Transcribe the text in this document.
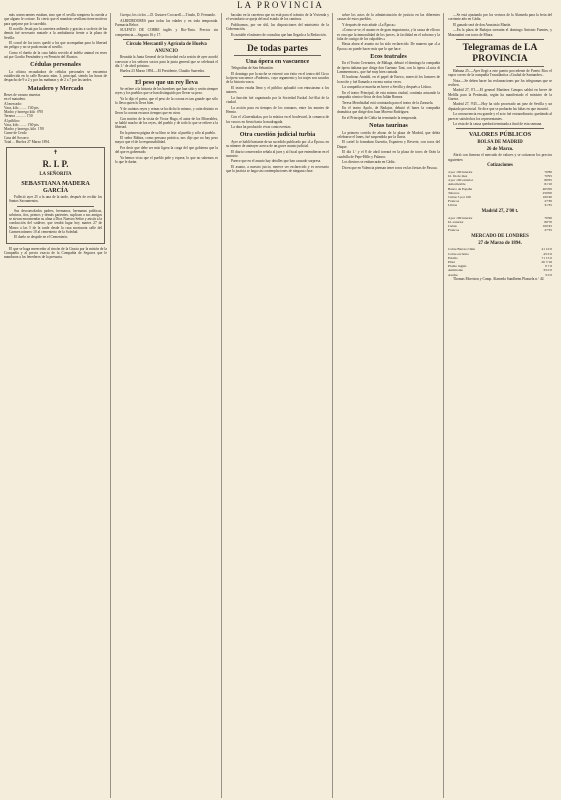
LA PROVINCIA

más consecuentes estaban, sino que el sevilla rompiera la cuerda a que alguno le cortase. Es cierto que el mandato sevillano tiene motivos para quejarse por lo sucedido.

El novillo Jesuit por la carretera ardiendo y gracias a su decir de las demás fué necesario matarle a la ambulancia frente a la plaza de Sevilla.

El corral de los toros quedó a los que acompañan para la libertad sin peligro y no se pudo matar al novillo.

Como el dueño de la casa había servido al infeliz animal en reses así por Gordio Fernández y en Pensión del Abastos.

Cédulas personales

La oficina recaudadora de cédulas personales se encuentra establecida en la calle Rosario núm. 3, principal, siendo las horas de despacho de 9 a 2 y por las mañanas y de 2 a 7 por las tardes.

Matadero y Mercado

Reses de vacuno muertas
en el matadero.
Al mercado:
Vaca, kilo ........ 1'40 pts.
Macho y borrego kilo  0'95
Ternera ........... 1'50
Al público:
Vaca, kilo ........ 1'60 pts.
Macho y borrego, kilo  1'00
Carne de Cerdo
Casa del Socorro
Total ... Huelva 27 Marzo 1894.

✝
R. I. P.
LA SEÑORITA
SEBASTIANA MADERA GARCÍA

Falleció ayer 25 a la una de la tarde, después de recibir los Santos Sacramentos.

Sus desconsolados padres, hermanos, hermanas políticas, sobrinos, tíos, primos y demás parientes, suplican a sus amigos se sirvan encomendar su alma a Dios Nuestro Señor y asistir a la conducción del cadáver, que tendrá lugar hoy martes 27 de Marzo a las 5 de la tarde desde la casa mortuoria calle del Carmen número 10 al cementerio de la Soledad.

El duelo se despide en el Cementerio.

El que se haga merecedor al rincón de la Gracia por la misión de la Compañía y al precio exacto de la Compañía de Seguros que le mandaron a los herederos de la presunta.

Cuerpo, los ciclos —D. Gustave Coccarell.—Tirado, D. Fernando.

ALREDEDORES para todas las edades y en toda temporada. Farmacia Rebor.

SULFATO DE COBRE inglés y Rio-Tinto. Precios sin competencia.—Sagasta 16 y 17.

Círculo Mercantil y Agrícola de Huelva
ANUNCIO

Reunida la Junta General de la Sociedad en la sesión de ayer acordó convocar a los señores socios para la junta general que se celebrará el día 1.º de abril próximo.

Huelva 23 Marzo 1894.—El Presidente, Claudio Saavedra.

El peso que un rey lleva

Se refiere a la historia de los hombres que han sido y serán siempre reyes y los pueblos que se han distinguido por llevar su peso.

Ya lo dijo el poeta, que el peso de la corona es tan grande que sólo lo lleva quien lo lleva bien.

Y de cuántos reyes y reinas se ha dicho lo mismo, y cuán distinto es llevar la corona en unos tiempos que en otros.

Con motivo de la visita de Victor Hugo, el autor de los Miserables, se habló mucho de los reyes, del pueblo y de todo lo que se refiere a la libertad.

En la primera página de su libro se leía: al pueblo y sólo al pueblo.

El señor Rúbira, como persona práctica, nos dijo que no hay peso mayor que el de la responsabilidad.

Por decir que debe ser más ligera la carga del que gobierna que la del que es gobernado.

Ya hemos visto que el pueblo pide y espera; lo que no sabemos es lo que le darán.

bacalao en la carretera que no está para el tránsito de la Vivienda y el vecindario se queja del mal estado de los caminos.

Publicamos, por ser útil, las disposiciones del ministerio de la Gobernación.

Es notable el número de consultas que han llegado a la Redacción.

De todas partes
Una ópera en vascuence

Telegrafían de San Sebastián:

El domingo por la noche se estrenó con éxito en el teatro del Circo la ópera vascuence «Pudente», cuyo argumento y los trajes son sacados de la historia vasca.

El teatro estaba lleno y el público aplaudió con entusiasmo a los autores.

La función fué organizada por la Sociedad Euskal Jai-Alai de la ciudad.

La acción pasa en tiempos de los romanos, entre los montes de Hernio.

Con el «Guernikako» por la música en el boulevard, la comarca de los vascos en fiesta hasta la madrugada.

La obra ha producido vivas controversias.

Otra cuestión judicial turbia

Ayer se habló bastante de un sucedido publicado por «La Época» en su número de anteayer acerca de un grave asunto judicial.

El diario conservador señala al juez y al fiscal que entendieron en el sumario.

Parece que en el asunto hay detalles que han causado sorpresa.

El asunto, a nuestro juicio, merece ser esclarecido y es necesario que la justicia se haga sin contemplaciones de ninguna clase.

sobre los actos de la administración de justicia en las diferentes causas de estos pueblos.

Y después de esto añade «La Época»:

«Como se ve, el asunto es de gran importancia, y la causa de ello no es otra que la inmoralidad de los jueces, la facilidad en el soborno y la falta de castigo de los culpables.»

Hasta ahora el asunto no ha sido esclarecido. De manera que «La Época» no puede hacer más que lo que hace.

Ecos teatrales

En el Teatro Cervantes, de Málaga, debutó el domingo la compañía de ópera italiana que dirige don Gaetano Tani, con la ópera «Lucia di Lammermoor», que fué muy bien cantada.

El barítono Arnaldi, en el papel de Enrico, mereció los honores de la noche y fué llamado a escena varias veces.

La compañía se marcha en breve a Sevilla y después a Lisboa.

En el teatro Principal, de esta misma ciudad, continúa actuando la compañía cómico-lírica de don Julián Romea.

Teresa Mendizábal está contratada para el teatro de la Zarzuela.

En el teatro Apolo, de Badajoz, debutó el lunes la compañía dramática que dirige don Juan Moreno Rodríguez.

En el Principal de Cádiz ha terminado la temporada.

Notas taurinas

La primera corrida de abono de la plaza de Madrid, que debía celebrarse el lunes, fué suspendida por la lluvia.

El cartel lo formaban Guerrita, Espartero y Reverte, con toros del Duque.

El día 1.º y el 8 de abril toreará en la plaza de toros de Orán la cuadrilla de Pepe-Hillo y Palanco.

Los diestros se embarcarán en Cádiz.

Dicen que en Valencia piensan tener toros en las fiestas de Pascua.

—Se está ajustando por los vecinos de la Alameda para la feria del corriente año en Cádiz.

El ganado será de don Anastasio Martín.

—En la plaza de Badajoz torearán el domingo Antonio Fuentes, y Mazzantini con toros de Miura.

Telegramas de LA PROVINCIA

Habana 25.—Ayer llegó a este puerto procedente de Puerto Rico el vapor correo de la compañía Trasatlántica «Ciudad de Santander».

Nota.—Se deben hacer las reclamaciones por los telegramas que se reciben.

Madrid 27, 8'1.—El general Martínez Campos saldrá en breve de Melilla para la Península, según ha manifestado el ministro de la Guerra.

Madrid 27, 9'45.—Hoy ha sido procesado un juez de Sevilla y un diputado provincial. Se dice que se probarán las faltas en que incurrió.

La concurrencia era grande y el acto fué extraordinario, quedando al parecer satisfechos los representantes.

La vista de la causa quedará terminada a final de esta semana.

VALORES PÚBLICOS
BOLSA DE MADRID
26 de Marzo.

Abrió con firmeza el mercado de valores y se cotizaron los precios siguientes:

Cotizaciones
4 por 100 interior	70'80
Id. fin de mes	70'95
4 por 100 exterior	80'65
Amortizable	81'10
Banco de España	405'00
Tabacos	250'00
Cubas 5 por 100	100'40
Francos	27'30
Libras	31'35
Madrid 27, 2'00 t.
4 por 100 interior	70'90
Id. exterior	80'70
Cubas	100'45
Francos	27'35
MERCADO DE LONDRES
27 de Marzo de 1894.
Cobre Barras Chile	41 10 0
Cobre en bruto	43 0 0
Estaño	71 15 0
Plata	26 7/16
Plomo inglés	9 7 6
Antimonio	33 0 0
Azufre	3 0 0

Thomas Morrison y Comp. Alameda Sundheim Plazuela n.º 44
